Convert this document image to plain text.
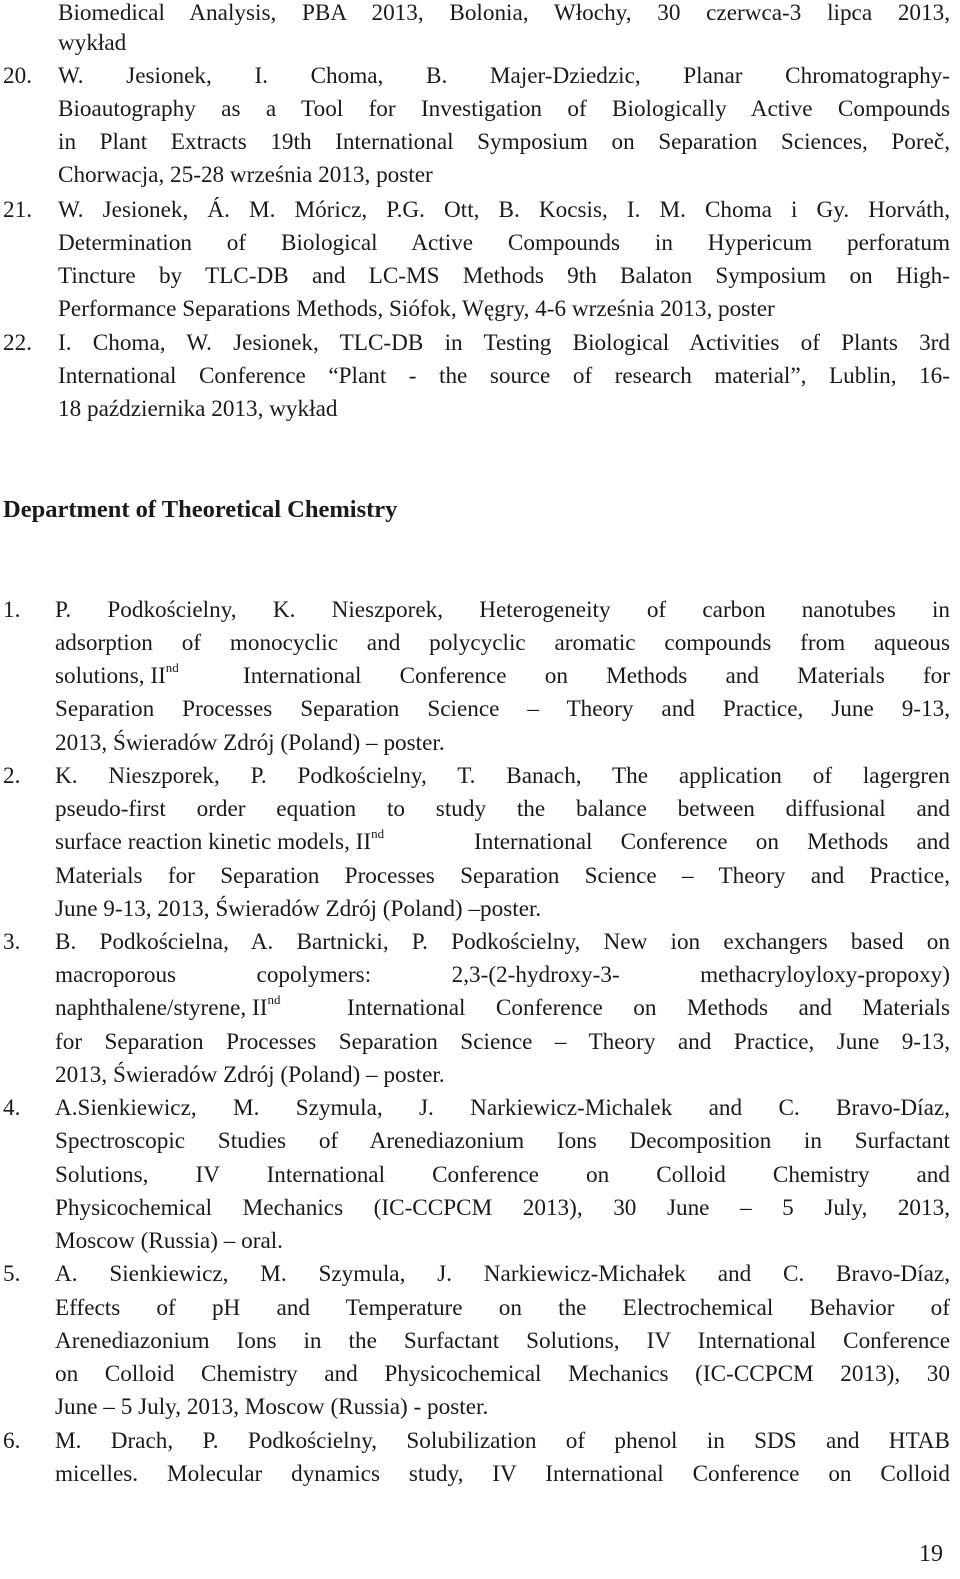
Biomedical Analysis, PBA 2013, Bolonia, Włochy, 30 czerwca-3 lipca 2013,
wykład
20. W. Jesionek, I. Choma, B. Majer-Dziedzic, Planar Chromatography-
Bioautography as a Tool for Investigation of Biologically Active Compounds
in Plant Extracts 19th International Symposium on Separation Sciences, Poreč,
Chorwacja, 25-28 września 2013, poster
21. W. Jesionek, Á. M. Móricz, P.G. Ott, B. Kocsis, I. M. Choma i Gy. Horváth,
Determination of Biological Active Compounds in Hypericum perforatum
Tincture by TLC-DB and LC-MS Methods 9th Balaton Symposium on High-
Performance Separations Methods, Siófok, Węgry, 4-6 września 2013, poster
22. I. Choma, W. Jesionek, TLC-DB in Testing Biological Activities of Plants 3rd
International Conference “Plant - the source of research material”, Lublin, 16-
18 października 2013, wykład
Department of Theoretical Chemistry
1. P. Podkościelny, K. Nieszporek, Heterogeneity of carbon nanotubes in
adsorption of monocyclic and polycyclic aromatic compounds from aqueous
solutions, IInd	International Conference on Methods and Materials for
Separation Processes Separation Science – Theory and Practice, June 9-13,
2013, Świeradów Zdrój (Poland) – poster.
2. K. Nieszporek, P. Podkościelny, T. Banach, The application of lagergren
pseudo-first order equation to study the balance between diffusional and
surface reaction kinetic models, IInd	International Conference on Methods and
Materials for Separation Processes Separation Science – Theory and Practice,
June 9-13, 2013, Świeradów Zdrój (Poland) –poster.
3. B. Podkościelna, A. Bartnicki, P. Podkościelny, New ion exchangers based on
macroporous copolymers: 2,3-(2-hydroxy-3- methacryloyloxy-propoxy)
naphthalene/styrene, IInd	International Conference on Methods and Materials
for Separation Processes Separation Science – Theory and Practice, June 9-13,
2013, Świeradów Zdrój (Poland) – poster.
4. A.Sienkiewicz, M. Szymula, J. Narkiewicz-Michalek and C. Bravo-Díaz,
Spectroscopic Studies of Arenediazonium Ions Decomposition in Surfactant
Solutions, IV International Conference on Colloid Chemistry and
Physicochemical Mechanics (IC-CCPCM 2013), 30 June – 5 July, 2013,
Moscow (Russia) – oral.
5. A. Sienkiewicz, M. Szymula, J. Narkiewicz-Michałek and C. Bravo-Díaz,
Effects of pH and Temperature on the Electrochemical Behavior of
Arenediazonium Ions in the Surfactant Solutions, IV International Conference
on Colloid Chemistry and Physicochemical Mechanics (IC-CCPCM 2013), 30
June – 5 July, 2013, Moscow (Russia) - poster.
6. M. Drach, P. Podkościelny, Solubilization of phenol in SDS and HTAB
micelles. Molecular dynamics study, IV International Conference on Colloid
19
